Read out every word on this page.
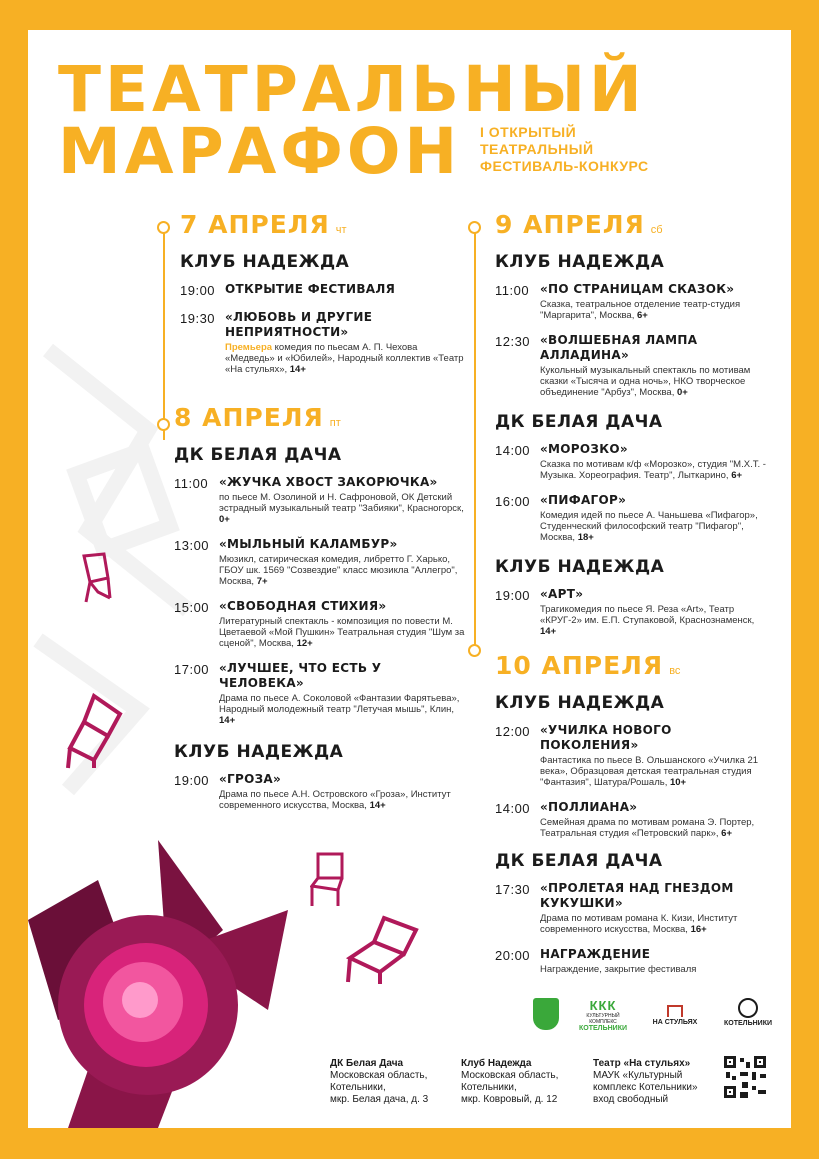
ТЕАТРАЛЬНЫЙ
МАРАФОН I ОТКРЫТЫЙ
ТЕАТРАЛЬНЫЙ
ФЕСТИВАЛЬ-КОНКУРС
7 АПРЕЛЯ чт
КЛУБ НАДЕЖДА
19:00 ОТКРЫТИЕ ФЕСТИВАЛЯ
19:30 «ЛЮБОВЬ И ДРУГИЕ НЕПРИЯТНОСТИ»
Премьера комедия по пьесам А. П. Чехова «Медведь» и «Юбилей», Народный коллектив «Театр «На стульях», 14+
8 АПРЕЛЯ пт
ДК БЕЛАЯ ДАЧА
11:00 «ЖУЧКА ХВОСТ ЗАКОРЮЧКА»
по пьесе М. Озолиной и Н. Сафроновой, ОК Детский эстрадный музыкальный театр "Забияки", Красногорск, 0+
13:00 «МЫЛЬНЫЙ КАЛАМБУР»
Мюзикл, сатирическая комедия, либретто Г. Харько, ГБОУ шк. 1569 "Созвездие" класс мюзикла "Аллегро", Москва, 7+
15:00 «СВОБОДНАЯ СТИХИЯ»
Литературный спектакль - композиция по повести М. Цветаевой «Мой Пушкин» Театральная студия "Шум за сценой", Москва, 12+
17:00 «ЛУЧШЕЕ, ЧТО ЕСТЬ У ЧЕЛОВЕКА»
Драма по пьесе А. Соколовой «Фантазии Фарятьева», Народный молодежный театр "Летучая мышь", Клин, 14+
КЛУБ НАДЕЖДА
19:00 «ГРОЗА»
Драма по пьесе А.Н. Островского «Гроза», Институт современного искусства, Москва, 14+
9 АПРЕЛЯ сб
КЛУБ НАДЕЖДА
11:00 «ПО СТРАНИЦАМ СКАЗОК»
Сказка, театральное отделение театр-студия "Маргарита", Москва, 6+
12:30 «ВОЛШЕБНАЯ ЛАМПА АЛЛАДИНА»
Кукольный музыкальный спектакль по мотивам сказки «Тысяча и одна ночь», НКО творческое объединение "Арбуз", Москва, 0+
ДК БЕЛАЯ ДАЧА
14:00 «МОРОЗКО»
Сказка по мотивам к/ф «Морозко», студия "М.Х.Т. - Музыка. Хореография. Театр", Лыткарино, 6+
16:00 «ПИФАГОР»
Комедия идей по пьесе А. Чаньшева «Пифагор», Студенческий философский театр "Пифагор", Москва, 18+
КЛУБ НАДЕЖДА
19:00 «АРТ»
Трагикомедия по пьесе Я. Реза «Art», Театр «КРУГ-2» им. Е.П. Ступаковой, Краснознаменск, 14+
10 АПРЕЛЯ вс
КЛУБ НАДЕЖДА
12:00 «УЧИЛКА НОВОГО ПОКОЛЕНИЯ»
Фантастика по пьесе В. Ольшанского «Училка 21 века», Образцовая детская театральная студия "Фантазия", Шатура/Рошаль, 10+
14:00 «ПОЛЛИАНА»
Семейная драма по мотивам романа Э. Портер, Театральная студия «Петровский парк», 6+
ДК БЕЛАЯ ДАЧА
17:30 «ПРОЛЕТАЯ НАД ГНЕЗДОМ КУКУШКИ»
Драма по мотивам романа К. Кизи, Институт современного искусства, Москва, 16+
20:00 НАГРАЖДЕНИЕ
Награждение, закрытие фестиваля
ККК
КУЛЬТУРНЫЙ КОМПЛЕКС
КОТЕЛЬНИКИ
НА СТУЛЬЯХ	КОТЕЛЬНИКИ
ДК Белая Дача
Московская область,
Котельники,
мкр. Белая дача, д. 3
Клуб Надежда
Московская область,
Котельники,
мкр. Ковровый, д. 12
Театр «На стульях»
МАУК «Культурный
комплекс Котельники»
вход свободный
